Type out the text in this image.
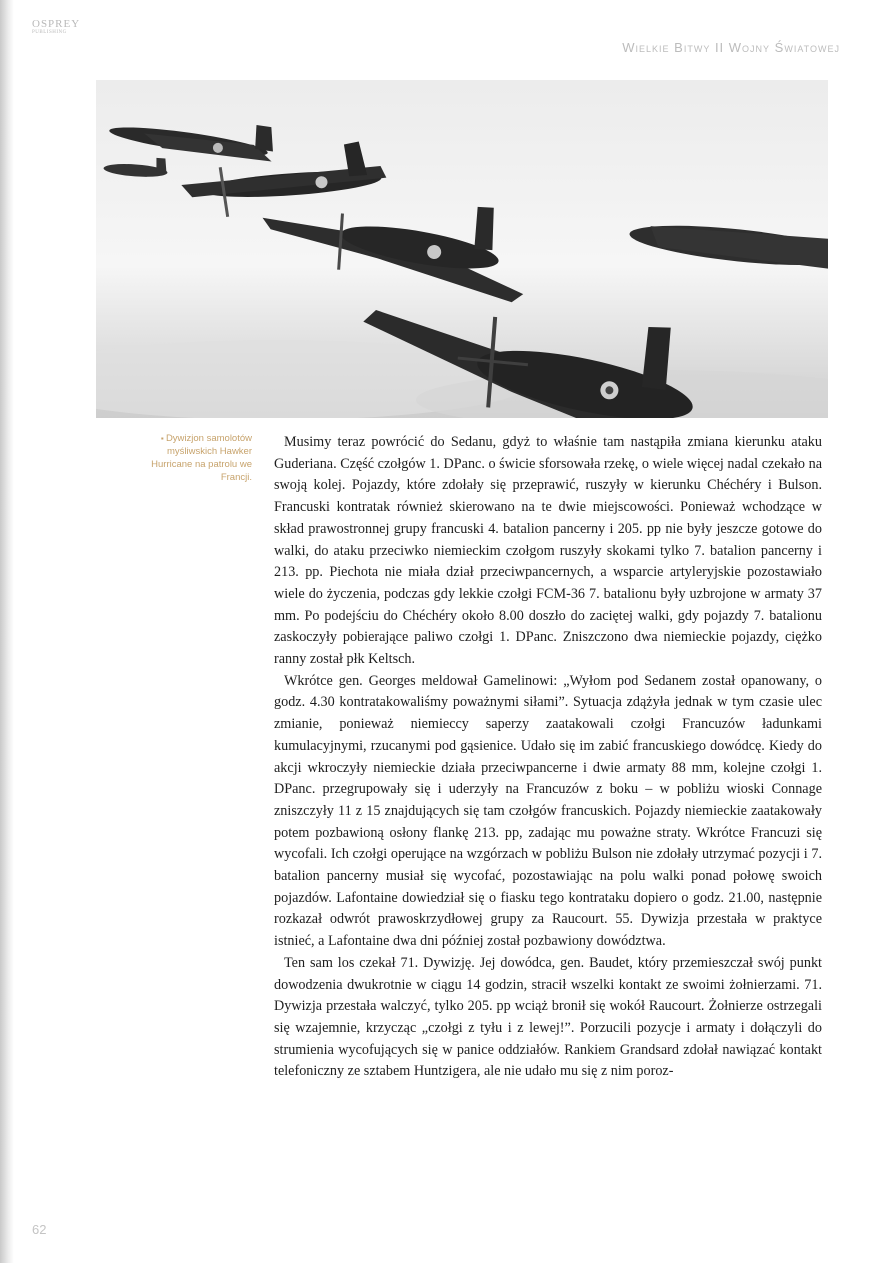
OSPREY
PUBLISHING
Wielkie Bitwy II Wojny Światowej
▪ Dywizjon samolotów myśliwskich Hawker Hurricane na patrolu we Francji.

Musimy teraz powrócić do Sedanu, gdyż to właśnie tam nastąpiła zmiana kierunku ataku Guderiana. Część czołgów 1. DPanc. o świcie sforsowała rzekę, o wiele więcej nadal czekało na swoją kolej. Pojazdy, które zdołały się przeprawić, ruszyły w kierunku Chéchéry i Bulson. Francuski kontratak również skierowano na te dwie miejscowości. Ponieważ wchodzące w skład prawostronnej grupy francuski 4. batalion pancerny i 205. pp nie były jeszcze gotowe do walki, do ataku przeciwko niemieckim czołgom ruszyły skokami tylko 7. batalion pancerny i 213. pp. Piechota nie miała dział przeciwpancernych, a wsparcie artyleryjskie pozostawiało wiele do życzenia, podczas gdy lekkie czołgi FCM-36 7. batalionu były uzbrojone w armaty 37 mm. Po podejściu do Chéchéry około 8.00 doszło do zaciętej walki, gdy pojazdy 7. batalionu zaskoczyły pobierające paliwo czołgi 1. DPanc. Zniszczono dwa niemieckie pojazdy, ciężko ranny został płk Keltsch.

Wkrótce gen. Georges meldował Gamelinowi: „Wyłom pod Sedanem został opanowany, o godz. 4.30 kontratakowaliśmy poważnymi siłami”. Sytuacja zdążyła jednak w tym czasie ulec zmianie, ponieważ niemieccy saperzy zaatakowali czołgi Francuzów ładunkami kumulacyjnymi, rzucanymi pod gąsienice. Udało się im zabić francuskiego dowódcę. Kiedy do akcji wkroczyły niemieckie działa przeciwpancerne i dwie armaty 88 mm, kolejne czołgi 1. DPanc. przegrupowały się i uderzyły na Francuzów z boku – w pobliżu wioski Connage zniszczyły 11 z 15 znajdujących się tam czołgów francuskich. Pojazdy niemieckie zaatakowały potem pozbawioną osłony flankę 213. pp, zadając mu poważne straty. Wkrótce Francuzi się wycofali. Ich czołgi operujące na wzgórzach w pobliżu Bulson nie zdołały utrzymać pozycji i 7. batalion pancerny musiał się wycofać, pozostawiając na polu walki ponad połowę swoich pojazdów. Lafontaine dowiedział się o fiasku tego kontrataku dopiero o godz. 21.00, następnie rozkazał odwrót prawoskrzydłowej grupy za Raucourt. 55. Dywizja przestała w praktyce istnieć, a Lafontaine dwa dni później został pozbawiony dowództwa.

Ten sam los czekał 71. Dywizję. Jej dowódca, gen. Baudet, który przemieszczał swój punkt dowodzenia dwukrotnie w ciągu 14 godzin, stracił wszelki kontakt ze swoimi żołnierzami. 71. Dywizja przestała walczyć, tylko 205. pp wciąż bronił się wokół Raucourt. Żołnierze ostrzegali się wzajemnie, krzycząc „czołgi z tyłu i z lewej!”. Porzucili pozycje i armaty i dołączyli do strumienia wycofujących się w panice oddziałów. Rankiem Grandsard zdołał nawiązać kontakt telefoniczny ze sztabem Huntzigera, ale nie udało mu się z nim poroz-

62
